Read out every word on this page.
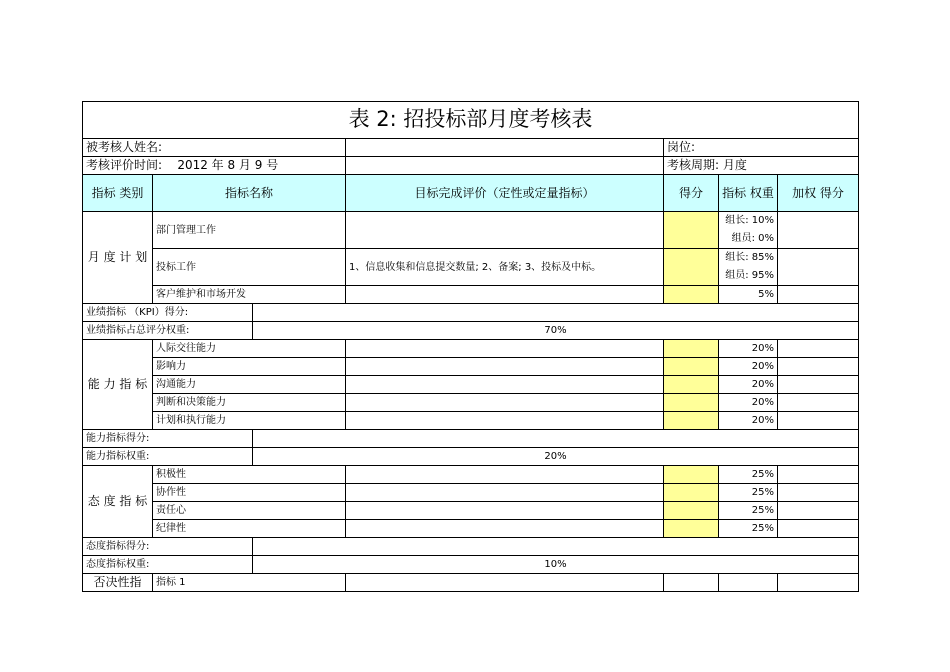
表 2: 招投标部月度考核表						
被考核人姓名:				岗位:		
考核评价时间: 2012 年 8 月 9 号				考核周期: 月度		
指标 类别	指标名称		目标完成评价（定性或定量指标）	得分	指标 权重	加权 得分
月 度 计 划	部门管理工作				组长: 10%
组员: 0%	

	投标工作		1、信息收集和信息提交数量; 2、备案; 3、投标及中标。		组长: 85%
组员: 95%	

	客户维护和市场开发				5%	
业绩指标 （KPI）得分:						
业绩指标占总评分权重:		70%				
能 力 指 标	人际交往能力				20%	
	影响力				20%	
	沟通能力				20%	
	判断和决策能力				20%	
	计划和执行能力				20%	
能力指标得分:						
能力指标权重:		20%				
态 度 指 标	积极性				25%	
	协作性				25%	
	责任心				25%	
	纪律性				25%	
态度指标得分:						
态度指标权重:		10%				
否决性指	指标 1					
